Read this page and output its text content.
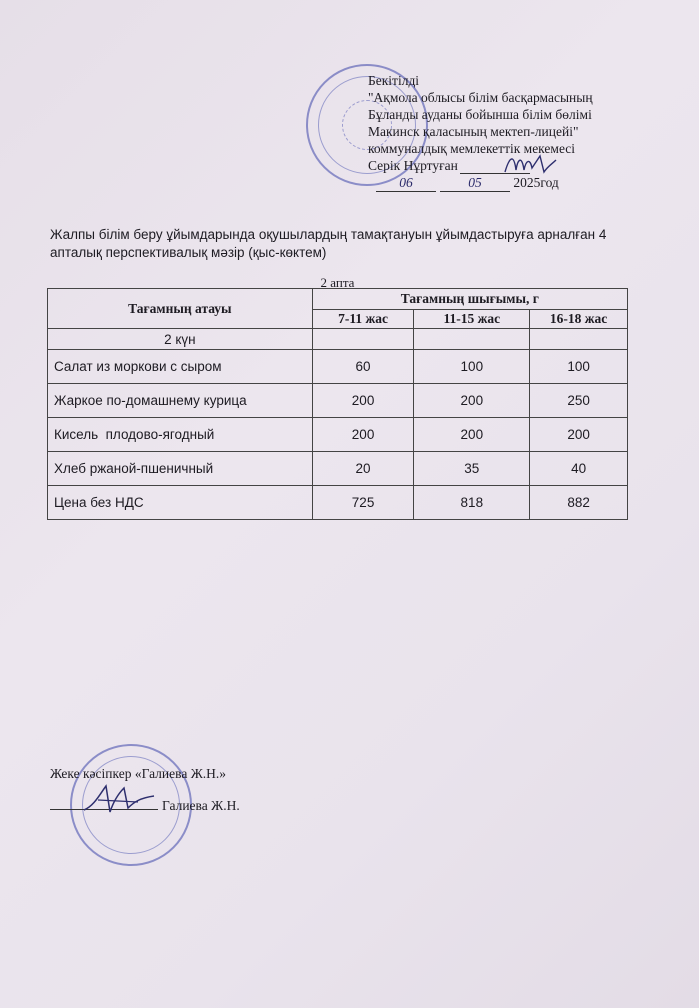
Бекітілді
"Ақмола облысы білім басқармасының
Бұланды ауданы бойынша білім бөлімі
Макинск қаласының мектеп-лицейі"
коммуналдық мемлекеттік мекемесі
Серік Нұртуған
06	05 2025год
Жалпы білім беру ұйымдарында оқушылардың тамақтануын ұйымдастыруға арналған 4 апталық перспективалық мәзір (қыс-көктем)
2 апта
Тағамның атауы	Тағамның шығымы, г		
	7-11 жас	11-15 жас	16-18 жас
2 күн			
Салат из моркови с сыром	60	100	100
Жаркое по-домашнему курица	200	200	250
Кисель  плодово-ягодный	200	200	200
Хлеб ржаной-пшеничный	20	35	40
Цена без НДС	725	818	882
Жеке кәсіпкер «Галиева Ж.Н.»
Галиева Ж.Н.
